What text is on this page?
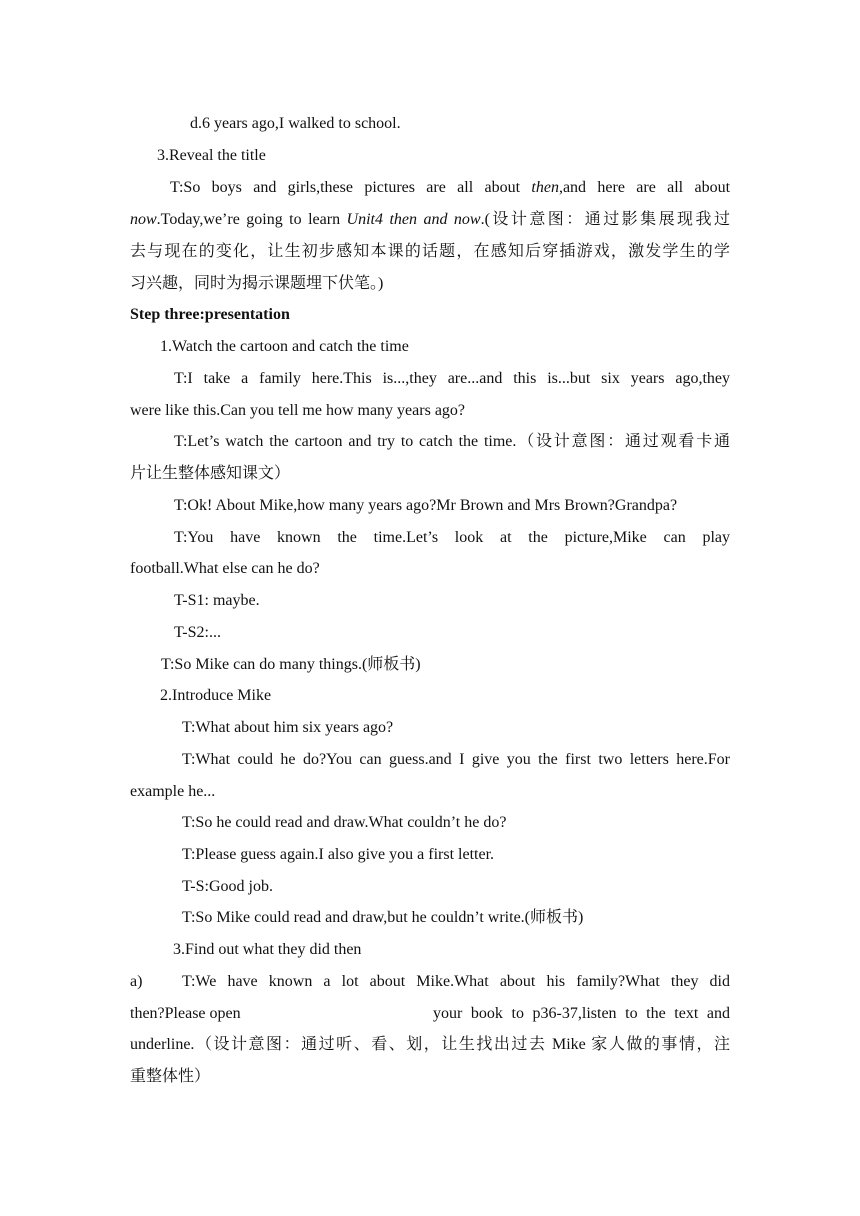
d.6 years ago,I walked to school.
3.Reveal the title
T:So boys and girls,these pictures are all about then,and here are all about
now.Today,we’re going to learn Unit4 then and now.(设计意图：通过影集展现我过
去与现在的变化，让生初步感知本课的话题，在感知后穿插游戏，激发学生的学
习兴趣，同时为揭示课题埋下伏笔。)
Step three:presentation
1.Watch the cartoon and catch the time
T:I take a family here.This is...,they are...and this is...but six years ago,they
were like this.Can you tell me how many years ago?
T:Let’s watch the cartoon and try to catch the time.（设计意图：通过观看卡通
片让生整体感知课文）
T:Ok! About Mike,how many years ago?Mr Brown and Mrs Brown?Grandpa?
T:You have known the time.Let’s look at the picture,Mike can play
football.What else can he do?
T-S1: maybe.
T-S2:...
T:So Mike can do many things.(师板书)
2.Introduce Mike
T:What about him six years ago?
T:What could he do?You can guess.and I give you the first two letters here.For
example he...
T:So he could read and draw.What couldn’t he do?
T:Please guess again.I also give you a first letter.
T-S:Good job.
T:So Mike could read and draw,but he couldn’t write.(师板书)
3.Find out what they did then
a) T:We have known a lot about Mike.What about his family?What they did
then?Please open	your book to p36-37,listen to the text and
underline.（设计意图：通过听、看、划，让生找出过去 Mike 家人做的事情，注
重整体性）
